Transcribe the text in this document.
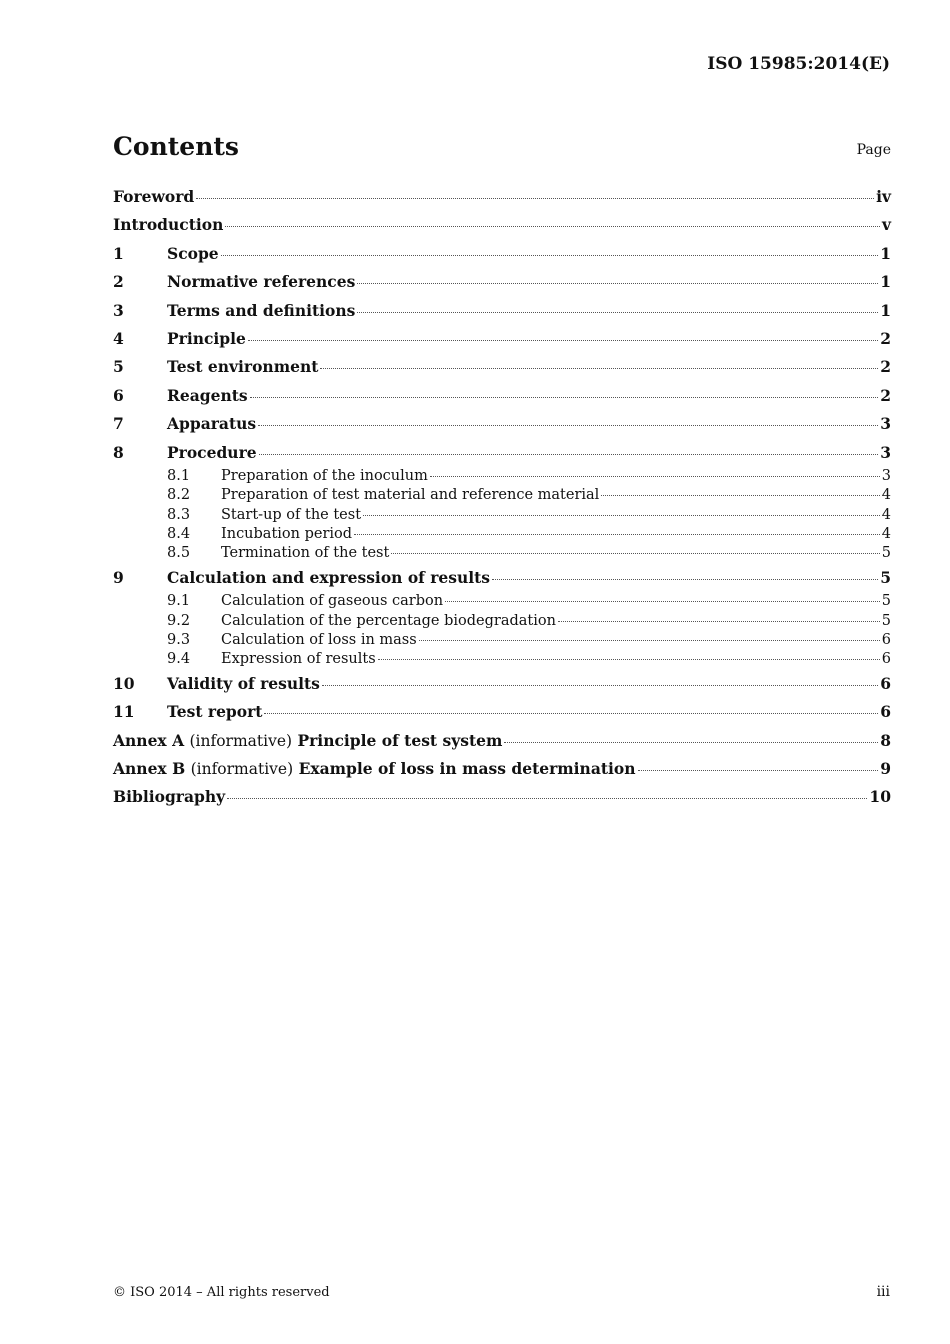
ISO 15985:2014(E)
Contents	Page
Foreword	iv
Introduction	v
1	Scope	1
2	Normative references	1
3	Terms and definitions	1
4	Principle	2
5	Test environment	2
6	Reagents	2
7	Apparatus	3
8	Procedure	3
8.1	Preparation of the inoculum	3
8.2	Preparation of test material and reference material	4
8.3	Start-up of the test	4
8.4	Incubation period	4
8.5	Termination of the test	5
9	Calculation and expression of results	5
9.1	Calculation of gaseous carbon	5
9.2	Calculation of the percentage biodegradation	5
9.3	Calculation of loss in mass	6
9.4	Expression of results	6
10	Validity of results	6
11	Test report	6
Annex A (informative) Principle of test system	8
Annex B (informative) Example of loss in mass determination	9
Bibliography	10
© ISO 2014 – All rights reserved	iii
